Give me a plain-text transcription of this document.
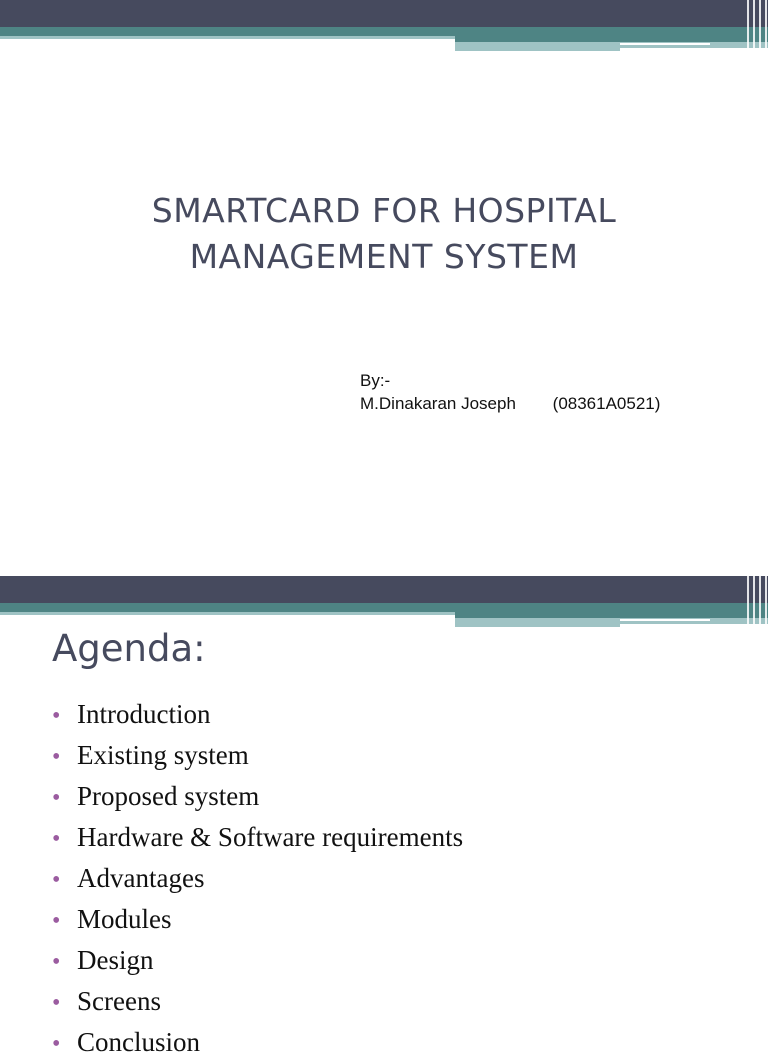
SMARTCARD FOR HOSPITAL
MANAGEMENT SYSTEM
By:-
M.Dinakaran Joseph (08361A0521)
Agenda:
• Introduction
• Existing system
• Proposed system
• Hardware & Software requirements
• Advantages
• Modules
• Design
• Screens
• Conclusion
